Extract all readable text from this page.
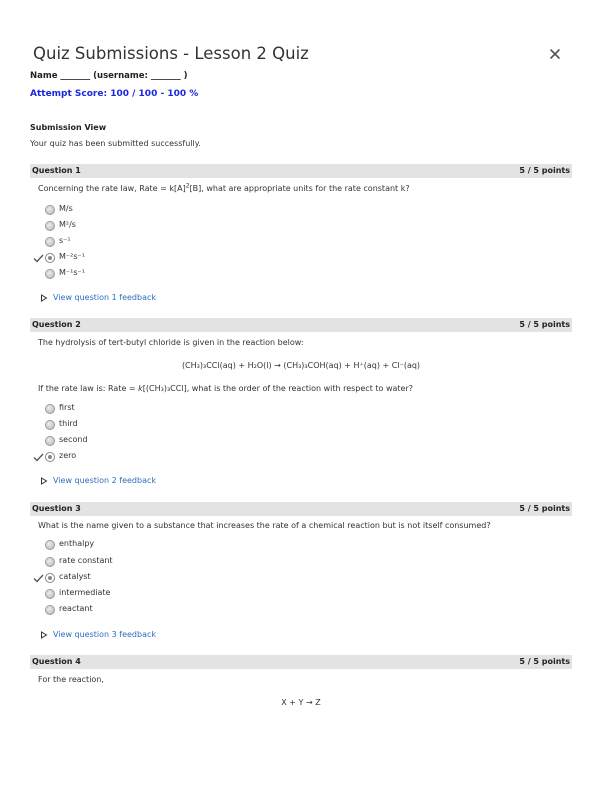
Quiz Submissions - Lesson 2 Quiz
Name _______ (username: _______ )
Attempt Score: 100 / 100 - 100 %
Submission View
Your quiz has been submitted successfully.
Question 1	5 / 5 points
Concerning the rate law, Rate = $k[A]^2[B]$, what are appropriate units for the rate constant k?
M/s
M²/s
s⁻¹
M⁻²s⁻¹
M⁻¹s⁻¹
View question 1 feedback
Question 2	5 / 5 points
The hydrolysis of tert-butyl chloride is given in the reaction below:
(CH₃)₃CCl(aq) + H₂O(l) → (CH₃)₃COH(aq) + H⁺(aq) + Cl⁻(aq)
If the rate law is: Rate = k[(CH₃)₃CCl], what is the order of the reaction with respect to water?
first
third
second
zero
View question 2 feedback
Question 3	5 / 5 points
What is the name given to a substance that increases the rate of a chemical reaction but is not itself consumed?
enthalpy
rate constant
catalyst
intermediate
reactant
View question 3 feedback
Question 4	5 / 5 points
For the reaction,
X + Y → Z
